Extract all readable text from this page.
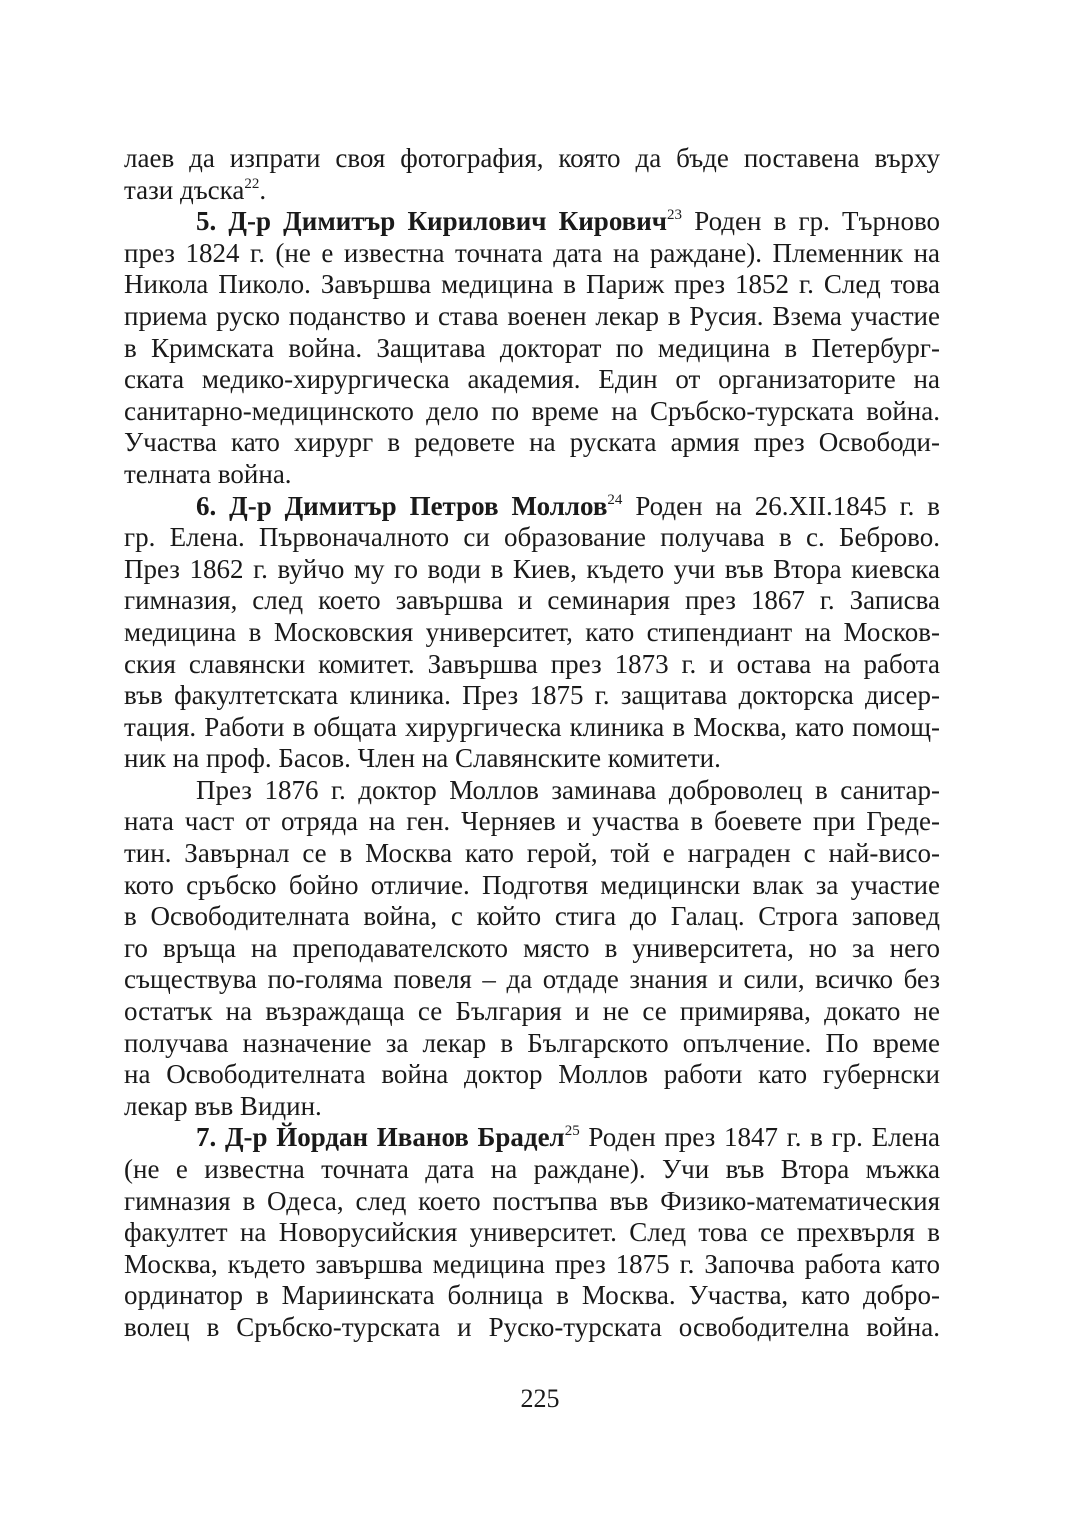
лаев да изпрати своя фотография, която да бъде поставена върху
тази дъска$^{22}$.
5. Д-р Димитър Кирилович Кирович$^{23}$ Роден в гр. Търново
през 1824 г. (не е известна точната дата на раждане). Племенник на
Никола Пиколо. Завършва медицина в Париж през 1852 г. След това
приема руско поданство и става военен лекар в Русия. Взема участие
в Кримската война. Защитава докторат по медицина в Петербург-
ската медико-хирургическа академия. Един от организаторите на
санитарно-медицинското дело по време на Сръбско-турската война.
Участва като хирург в редовете на руската армия през Освободи-
телната война.
6. Д-р Димитър Петров Моллов$^{24}$ Роден на 26.XII.1845 г. в
гр. Елена. Първоначалното си образование получава в с. Беброво.
През 1862 г. вуйчо му го води в Киев, където учи във Втора киевска
гимназия, след което завършва и семинария през 1867 г. Записва
медицина в Московския университет, като стипендиант на Москов-
ския славянски комитет. Завършва през 1873 г. и остава на работа
във факултетската клиника. През 1875 г. защитава докторска дисер-
тация. Работи в общата хирургическа клиника в Москва, като помощ-
ник на проф. Басов. Член на Славянските комитети.
През 1876 г. доктор Моллов заминава доброволец в санитар-
ната част от отряда на ген. Черняев и участва в боевете при Греде-
тин. Завърнал се в Москва като герой, той е награден с най-висо-
кото сръбско бойно отличие. Подготвя медицински влак за участие
в Освободителната война, с който стига до Галац. Строга заповед
го връща на преподавателското място в университета, но за него
съществува по-голяма повеля – да отдаде знания и сили, всичко без
остатък на възраждаща се България и не се примирява, докато не
получава назначение за лекар в Българското опълчение. По време
на Освободителната война доктор Моллов работи като губернски
лекар във Видин.
7. Д-р Йордан Иванов Брадел$^{25}$ Роден през 1847 г. в гр. Елена
(не е известна точната дата на раждане). Учи във Втора мъжка
гимназия в Одеса, след което постъпва във Физико-математическия
факултет на Новорусийския университет. След това се прехвърля в
Москва, където завършва медицина през 1875 г. Започва работа като
ординатор в Мариинската болница в Москва. Участва, като добро-
волец в Сръбско-турската и Руско-турската освободителна война.
225
